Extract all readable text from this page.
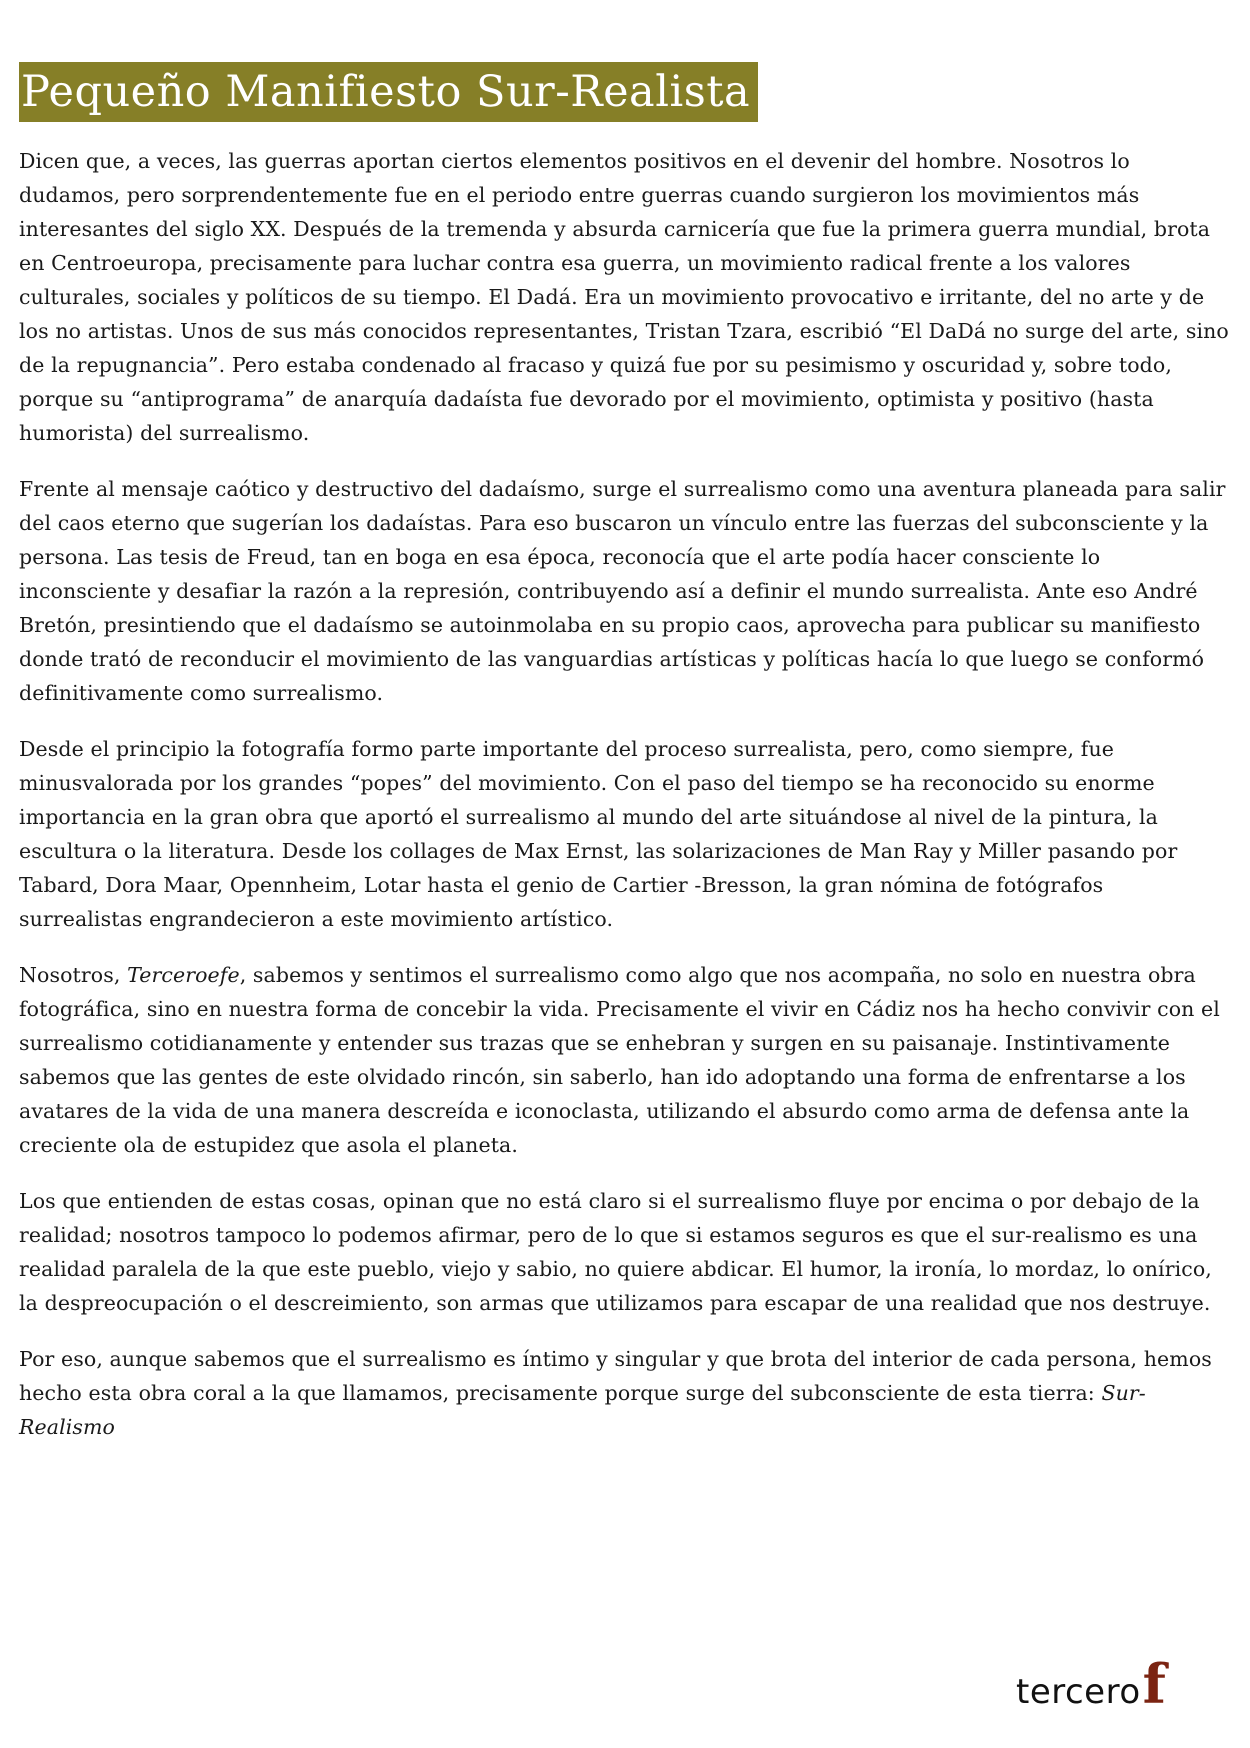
Pequeño Manifiesto Sur-Realista

Dicen que, a veces, las guerras aportan ciertos elementos positivos en el devenir del hombre. Nosotros lo dudamos, pero sorprendentemente fue en el periodo entre guerras cuando surgieron los movimientos más interesantes del siglo XX. Después de la tremenda y absurda carnicería que fue la primera guerra mundial, brota en Centroeuropa, precisamente para luchar contra esa guerra, un movimiento radical frente a los valores culturales, sociales y políticos de su tiempo. El Dadá. Era un movimiento provocativo e irritante, del no arte y de los no artistas. Unos de sus más conocidos representantes, Tristan Tzara, escribió “El DaDá no surge del arte, sino de la repugnancia”. Pero estaba condenado al fracaso y quizá fue por su pesimismo y oscuridad y, sobre todo, porque su “antiprograma” de anarquía dadaísta fue devorado por el movimiento, optimista y positivo (hasta humorista) del surrealismo.

Frente al mensaje caótico y destructivo del dadaísmo, surge el surrealismo como una aventura planeada para salir del caos eterno que sugerían los dadaístas. Para eso buscaron un vínculo entre las fuerzas del subconsciente y la persona. Las tesis de Freud, tan en boga en esa época, reconocía que el arte podía hacer consciente lo inconsciente y desafiar la razón a la represión, contribuyendo así a definir el mundo surrealista. Ante eso André Bretón, presintiendo que el dadaísmo se autoinmolaba en su propio caos, aprovecha para publicar su manifiesto donde trató de reconducir el movimiento de las vanguardias artísticas y políticas hacía lo que luego se conformó definitivamente como surrealismo.

Desde el principio la fotografía formo parte importante del proceso surrealista, pero, como siempre, fue minusvalorada por los grandes “popes” del movimiento. Con el paso del tiempo se ha reconocido su enorme importancia en la gran obra que aportó el surrealismo al mundo del arte situándose al nivel de la pintura, la escultura o la literatura. Desde los collages de Max Ernst, las solarizaciones de Man Ray y Miller pasando por Tabard, Dora Maar, Opennheim, Lotar hasta el genio de Cartier -Bresson, la gran nómina de fotógrafos surrealistas engrandecieron a este movimiento artístico.

Nosotros, Terceroefe, sabemos y sentimos el surrealismo como algo que nos acompaña, no solo en nuestra obra fotográfica, sino en nuestra forma de concebir la vida. Precisamente el vivir en Cádiz nos ha hecho convivir con el surrealismo cotidianamente y entender sus trazas que se enhebran y surgen en su paisanaje. Instintivamente sabemos que las gentes de este olvidado rincón, sin saberlo, han ido adoptando una forma de enfrentarse a los avatares de la vida de una manera descreída e iconoclasta, utilizando el absurdo como arma de defensa ante la creciente ola de estupidez que asola el planeta.

Los que entienden de estas cosas, opinan que no está claro si el surrealismo fluye por encima o por debajo de la realidad; nosotros tampoco lo podemos afirmar, pero de lo que si estamos seguros es que el sur-realismo es una realidad paralela de la que este pueblo, viejo y sabio, no quiere abdicar. El humor, la ironía, lo mordaz, lo onírico, la despreocupación o el descreimiento, son armas que utilizamos para escapar de una realidad que nos destruye.

Por eso, aunque sabemos que el surrealismo es íntimo y singular y que brota del interior de cada persona, hemos hecho esta obra coral a la que llamamos, precisamente porque surge del subconsciente de esta tierra: Sur-Realismo

tercerof
